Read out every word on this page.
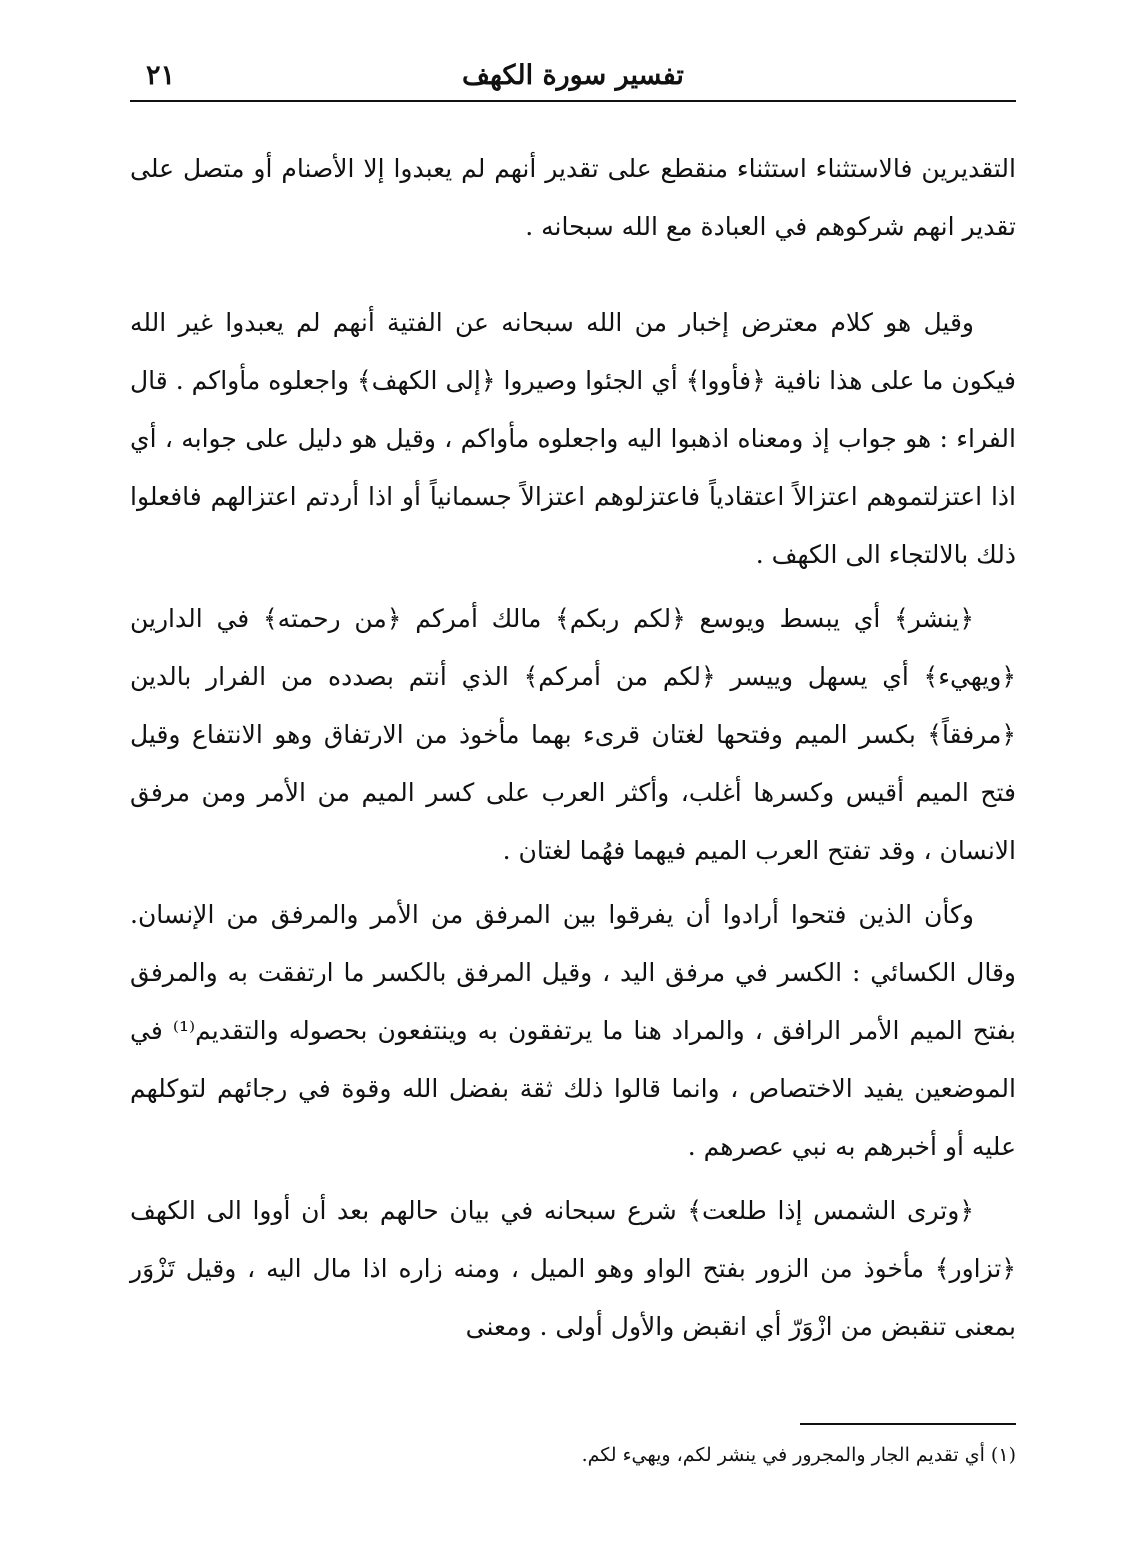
تفسير سورة الكهف
٢١

التقديرين فالاستثناء استثناء منقطع على تقدير أنهم لم يعبدوا إلا الأصنام أو متصل على تقدير انهم شركوهم في العبادة مع الله سبحانه .

وقيل هو كلام معترض إخبار من الله سبحانه عن الفتية أنهم لم يعبدوا غير الله فيكون ما على هذا نافية ﴿فأووا﴾ أي الجئوا وصيروا ﴿إلى الكهف﴾ واجعلوه مأواكم . قال الفراء : هو جواب إذ ومعناه اذهبوا اليه واجعلوه مأواكم ، وقيل هو دليل على جوابه ، أي اذا اعتزلتموهم اعتزالاً اعتقادياً فاعتزلوهم اعتزالاً جسمانياً أو اذا أردتم اعتزالهم فافعلوا ذلك بالالتجاء الى الكهف .

﴿ينشر﴾ أي يبسط ويوسع ﴿لكم ربكم﴾ مالك أمركم ﴿من رحمته﴾ في الدارين ﴿ويهيء﴾ أي يسهل وييسر ﴿لكم من أمركم﴾ الذي أنتم بصدده من الفرار بالدين ﴿مرفقاً﴾ بكسر الميم وفتحها لغتان قرىء بهما مأخوذ من الارتفاق وهو الانتفاع وقيل فتح الميم أقيس وكسرها أغلب، وأكثر العرب على كسر الميم من الأمر ومن مرفق الانسان ، وقد تفتح العرب الميم فيهما فهُما لغتان .

وكأن الذين فتحوا أرادوا أن يفرقوا بين المرفق من الأمر والمرفق من الإنسان. وقال الكسائي : الكسر في مرفق اليد ، وقيل المرفق بالكسر ما ارتفقت به والمرفق بفتح الميم الأمر الرافق ، والمراد هنا ما يرتفقون به وينتفعون بحصوله والتقديم⁽¹⁾ في الموضعين يفيد الاختصاص ، وانما قالوا ذلك ثقة بفضل الله وقوة في رجائهم لتوكلهم عليه أو أخبرهم به نبي عصرهم .

﴿وترى الشمس إذا طلعت﴾ شرع سبحانه في بيان حالهم بعد أن أووا الى الكهف ﴿تزاور﴾ مأخوذ من الزور بفتح الواو وهو الميل ، ومنه زاره اذا مال اليه ، وقيل تَزْوَر بمعنى تنقبض من ازْوَرّ أي انقبض والأول أولى . ومعنى

(١) أي تقديم الجار والمجرور في ينشر لكم، ويهيء لكم.
